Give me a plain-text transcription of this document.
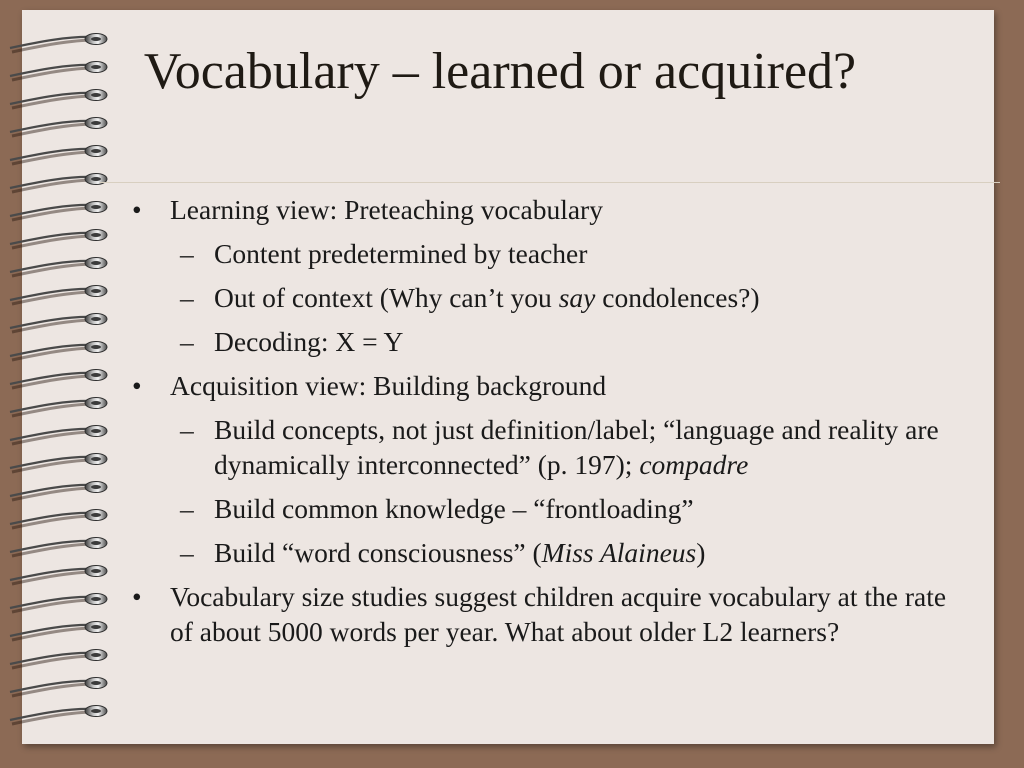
Vocabulary – learned or acquired?
• Learning view: Preteaching vocabulary
– Content predetermined by teacher
– Out of context (Why can’t you say condolences?)
– Decoding: X = Y
• Acquisition view: Building background
– Build concepts, not just definition/label; “language and reality are dynamically interconnected” (p. 197); compadre
– Build common knowledge – “frontloading”
– Build “word consciousness” (Miss Alaineus)
• Vocabulary size studies suggest children acquire vocabulary at the rate of about 5000 words per year. What about older L2 learners?
